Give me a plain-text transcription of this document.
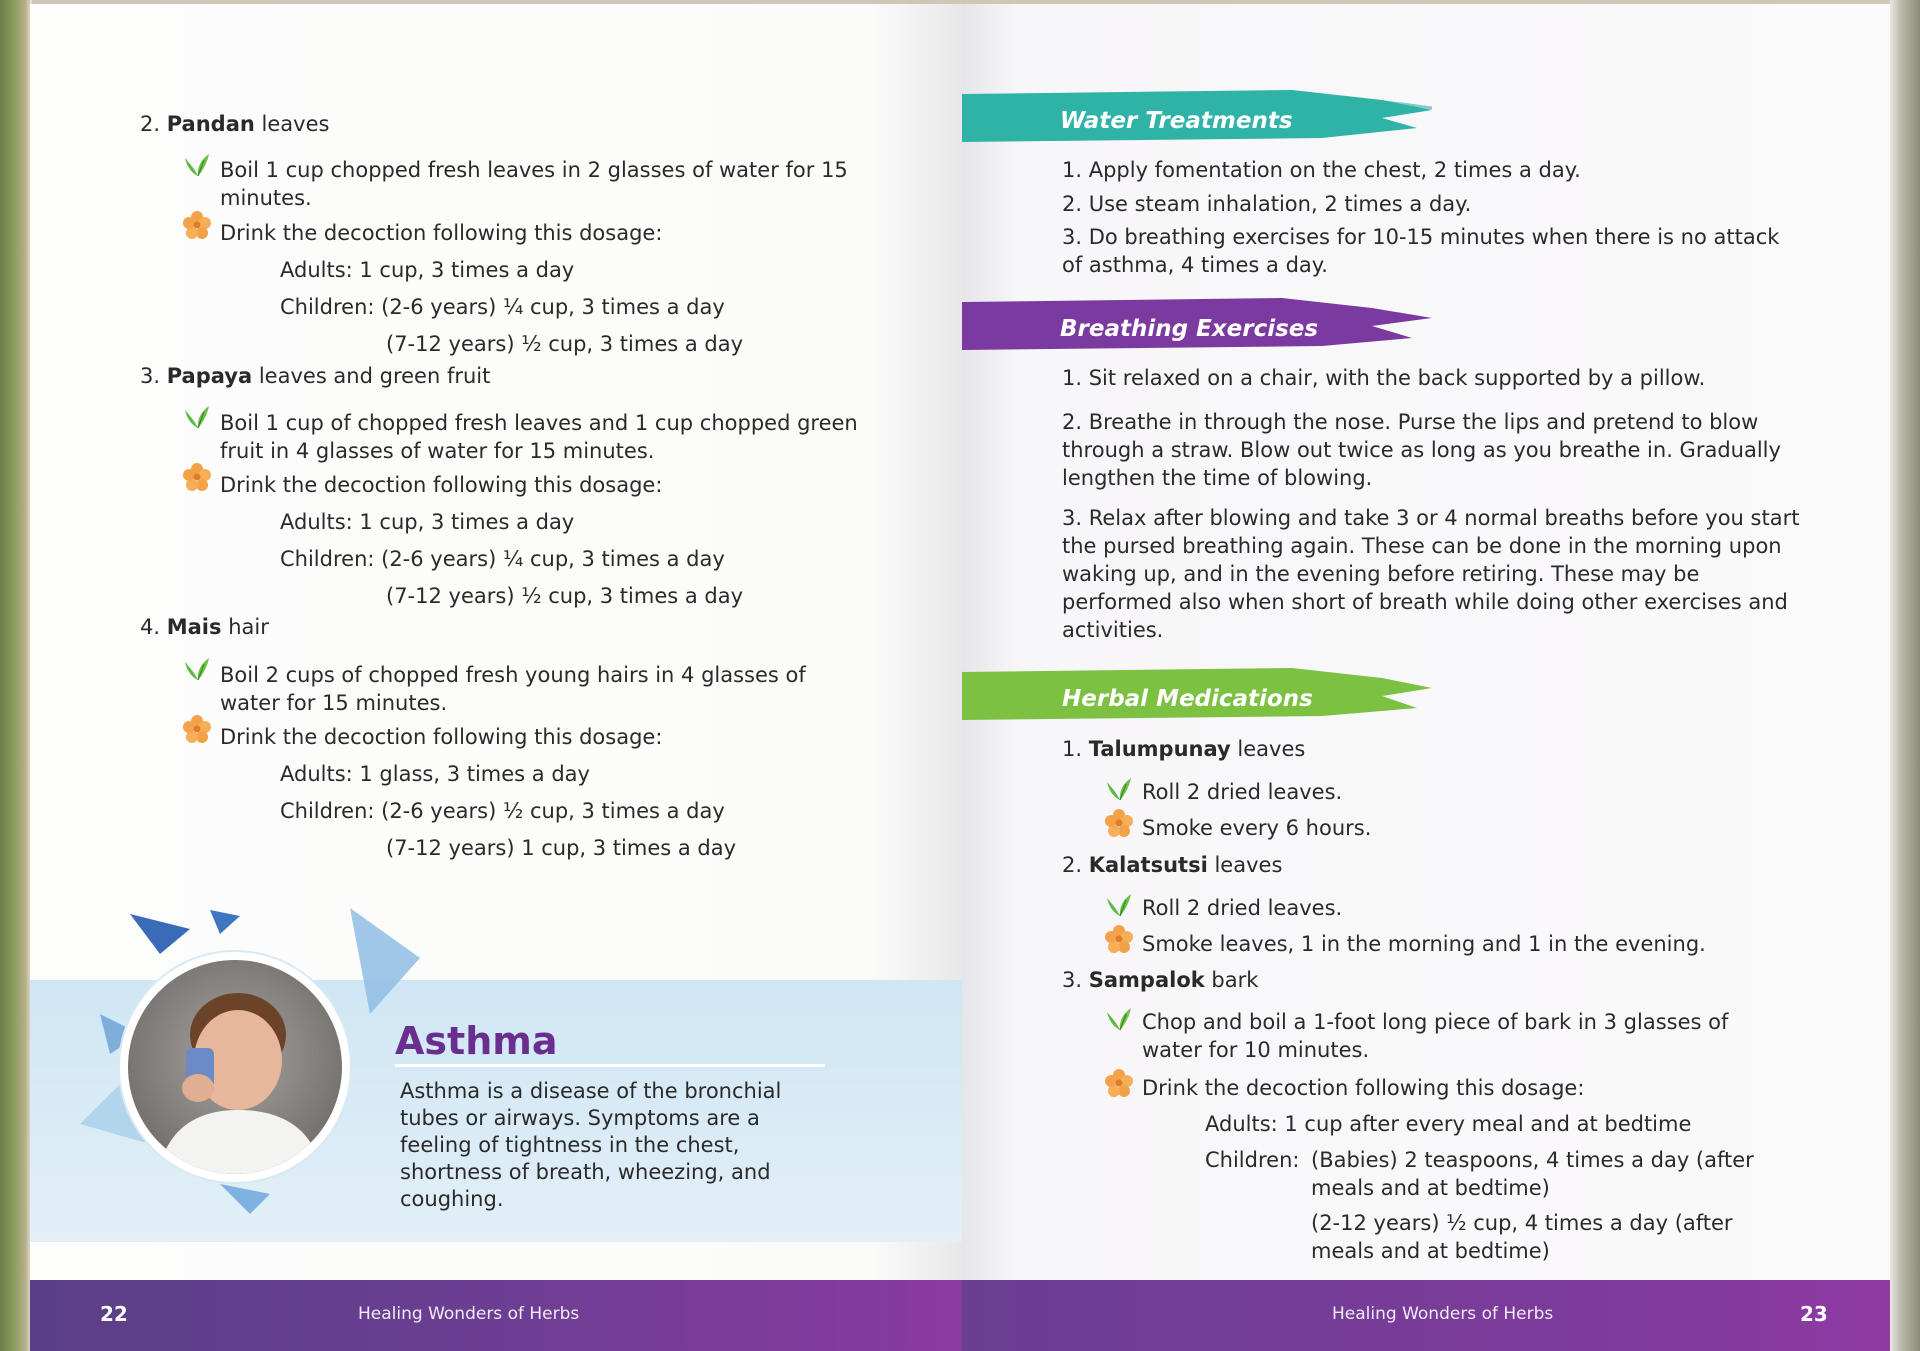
2. Pandan leaves
Boil 1 cup chopped fresh leaves in 2 glasses of water for 15 minutes.
Drink the decoction following this dosage:
Adults: 1 cup, 3 times a day
Children: (2-6 years) ¼ cup, 3 times a day
(7-12 years) ½ cup, 3 times a day
3. Papaya leaves and green fruit
Boil 1 cup of chopped fresh leaves and 1 cup chopped green fruit in 4 glasses of water for 15 minutes.
Drink the decoction following this dosage:
Adults: 1 cup, 3 times a day
Children: (2-6 years) ¼ cup, 3 times a day
(7-12 years) ½ cup, 3 times a day
4. Mais hair
Boil 2 cups of chopped fresh young hairs in 4 glasses of water for 15 minutes.
Drink the decoction following this dosage:
Adults: 1 glass, 3 times a day
Children: (2-6 years) ½ cup, 3 times a day
(7-12 years) 1 cup, 3 times a day
Asthma
Asthma is a disease of the bronchial tubes or airways. Symptoms are a feeling of tightness in the chest, shortness of breath, wheezing, and coughing.
22	Healing Wonders of Herbs
Water Treatments
1. Apply fomentation on the chest, 2 times a day.
2. Use steam inhalation, 2 times a day.
3. Do breathing exercises for 10-15 minutes when there is no attack of asthma, 4 times a day.
Breathing Exercises
1. Sit relaxed on a chair, with the back supported by a pillow.
2. Breathe in through the nose. Purse the lips and pretend to blow through a straw. Blow out twice as long as you breathe in. Gradually lengthen the time of blowing.
3. Relax after blowing and take 3 or 4 normal breaths before you start the pursed breathing again. These can be done in the morning upon waking up, and in the evening before retiring. These may be performed also when short of breath while doing other exercises and activities.
Herbal Medications
1. Talumpunay leaves
Roll 2 dried leaves.
Smoke every 6 hours.
2. Kalatsutsi leaves
Roll 2 dried leaves.
Smoke leaves, 1 in the morning and 1 in the evening.
3. Sampalok bark
Chop and boil a 1-foot long piece of bark in 3 glasses of water for 10 minutes.
Drink the decoction following this dosage:
Adults: 1 cup after every meal and at bedtime
Children: (Babies) 2 teaspoons, 4 times a day (after meals and at bedtime)
(2-12 years) ½ cup, 4 times a day (after meals and at bedtime)
Healing Wonders of Herbs	23
